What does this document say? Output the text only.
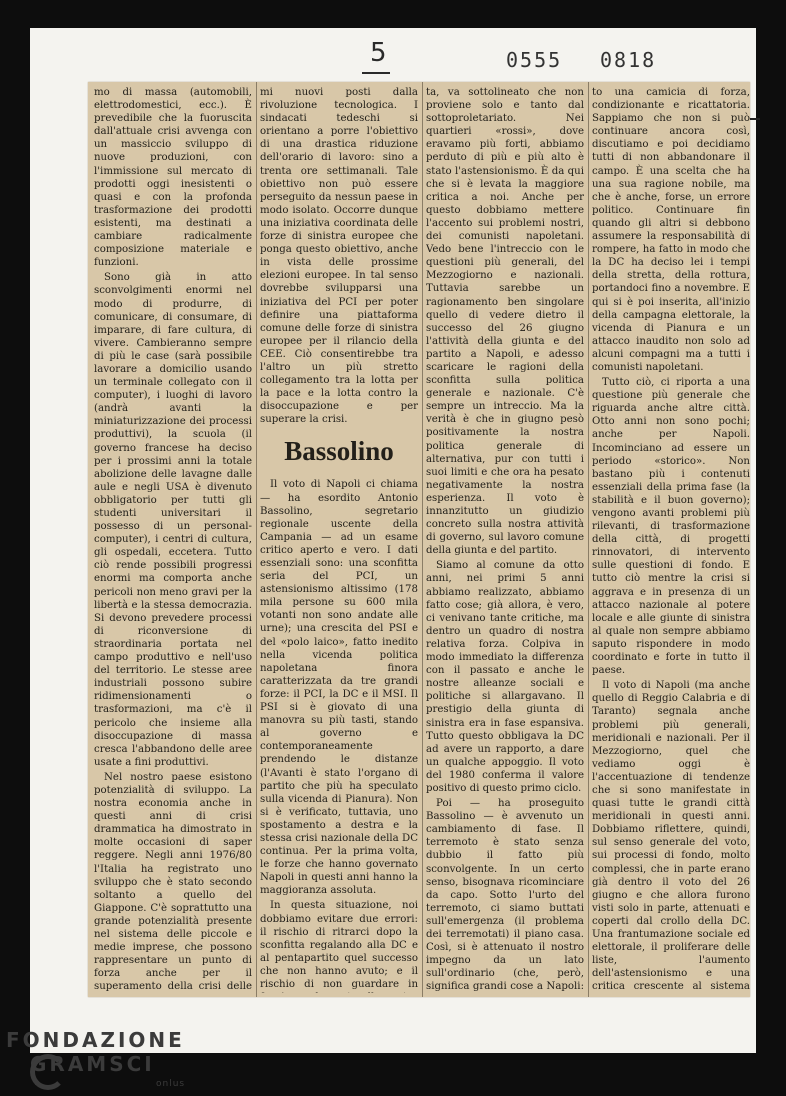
5	0555 0818

mo di massa (automobili, elettrodomestici, ecc.). È prevedibile che la fuoruscita dall'attuale crisi avvenga con un massiccio sviluppo di nuove produzioni, con l'immissione sul mercato di prodotti oggi inesistenti o quasi e con la profonda trasformazione dei prodotti esistenti, ma destinati a cambiare radicalmente composizione materiale e funzioni.

Sono già in atto sconvolgimenti enormi nel modo di produrre, di comunicare, di consumare, di imparare, di fare cultura, di vivere. Cambieranno sempre di più le case (sarà possibile lavorare a domicilio usando un terminale collegato con il computer), i luoghi di lavoro (andrà avanti la miniaturizzazione dei processi produttivi), la scuola (il governo francese ha deciso per i prossimi anni la totale abolizione delle lavagne dalle aule e negli USA è divenuto obbligatorio per tutti gli studenti universitari il possesso di un personal-computer), i centri di cultura, gli ospedali, eccetera. Tutto ciò rende possibili progressi enormi ma comporta anche pericoli non meno gravi per la libertà e la stessa democrazia. Si devono prevedere processi di riconversione di straordinaria portata nel campo produttivo e nell'uso del territorio. Le stesse aree industriali possono subire ridimensionamenti o trasformazioni, ma c'è il pericolo che insieme alla disoccupazione di massa cresca l'abbandono delle aree usate a fini produttivi.

Nel nostro paese esistono potenzialità di sviluppo. La nostra economia anche in questi anni di crisi drammatica ha dimostrato in molte occasioni di saper reggere. Negli anni 1976/80 l'Italia ha registrato uno sviluppo che è stato secondo soltanto a quello del Giappone. C'è soprattutto una grande potenzialità presente nel sistema delle piccole e medie imprese, che possono rappresentare un punto di forza anche per il superamento della crisi delle

mi nuovi posti dalla rivoluzione tecnologica. I sindacati tedeschi si orientano a porre l'obiettivo di una drastica riduzione dell'orario di lavoro: sino a trenta ore settimanali. Tale obiettivo non può essere perseguito da nessun paese in modo isolato. Occorre dunque una iniziativa coordinata delle forze di sinistra europee che ponga questo obiettivo, anche in vista delle prossime elezioni europee. In tal senso dovrebbe svilupparsi una iniziativa del PCI per poter definire una piattaforma comune delle forze di sinistra europee per il rilancio della CEE. Ciò consentirebbe tra l'altro un più stretto collegamento tra la lotta per la pace e la lotta contro la disoccupazione e per superare la crisi.

Bassolino

Il voto di Napoli ci chiama — ha esordito Antonio Bassolino, segretario regionale uscente della Campania — ad un esame critico aperto e vero. I dati essenziali sono: una sconfitta seria del PCI, un astensionismo altissimo (178 mila persone su 600 mila votanti non sono andate alle urne); una crescita del PSI e del «polo laico», fatto inedito nella vicenda politica napoletana finora caratterizzata da tre grandi forze: il PCI, la DC e il MSI. Il PSI si è giovato di una manovra su più tasti, stando al governo e contemporaneamente prendendo le distanze (l'Avanti è stato l'organo di partito che più ha speculato sulla vicenda di Pianura). Non si è verificato, tuttavia, uno spostamento a destra e la stessa crisi nazionale della DC continua. Per la prima volta, le forze che hanno governato Napoli in questi anni hanno la maggioranza assoluta.

In questa situazione, noi dobbiamo evitare due errori: il rischio di ritrarci dopo la sconfitta regalando alla DC e al pentapartito quel successo che non hanno avuto; e il rischio di non guardare in

ta, va sottolineato che non proviene solo e tanto dal sottoproletariato. Nei quartieri «rossi», dove eravamo più forti, abbiamo perduto di più e più alto è stato l'astensionismo. È da qui che si è levata la maggiore critica a noi. Anche per questo dobbiamo mettere l'accento sui problemi nostri, dei comunisti napoletani. Vedo bene l'intreccio con le questioni più generali, del Mezzogiorno e nazionali. Tuttavia sarebbe un ragionamento ben singolare quello di vedere dietro il successo del 26 giugno l'attività della giunta e del partito a Napoli, e adesso scaricare le ragioni della sconfitta sulla politica generale e nazionale. C'è sempre un intreccio. Ma la verità è che in giugno pesò positivamente la nostra politica generale di alternativa, pur con tutti i suoi limiti e che ora ha pesato negativamente la nostra esperienza. Il voto è innanzitutto un giudizio concreto sulla nostra attività di governo, sul lavoro comune della giunta e del partito.

Siamo al comune da otto anni, nei primi 5 anni abbiamo realizzato, abbiamo fatto cose; già allora, è vero, ci venivano tante critiche, ma dentro un quadro di nostra relativa forza. Colpiva in modo immediato la differenza con il passato e anche le nostre alleanze sociali e politiche si allargavano. Il prestigio della giunta di sinistra era in fase espansiva. Tutto questo obbligava la DC ad avere un rapporto, a dare un qualche appoggio. Il voto del 1980 conferma il valore positivo di questo primo ciclo.

Poi — ha proseguito Bassolino — è avvenuto un cambiamento di fase. Il terremoto è stato senza dubbio il fatto più sconvolgente. In un certo senso, bisognava ricominciare da capo. Sotto l'urto del terremoto, ci siamo buttati sull'emergenza (il problema dei terremotati) il piano casa. Così, si è attenuato il nostro impegno da un lato sull'ordinario (che, però, significa grandi cose a Napoli:

to una camicia di forza, condizionante e ricattatoria. Sappiamo che non si può continuare ancora così, discutiamo e poi decidiamo tutti di non abbandonare il campo. È una scelta che ha una sua ragione nobile, ma che è anche, forse, un errore politico. Continuare fin quando gli altri si debbono assumere la responsabilità di rompere, ha fatto in modo che la DC ha deciso lei i tempi della stretta, della rottura, portandoci fino a novembre. E qui si è poi inserita, all'inizio della campagna elettorale, la vicenda di Pianura e un attacco inaudito non solo ad alcuni compagni ma a tutti i comunisti napoletani.

Tutto ciò, ci riporta a una questione più generale che riguarda anche altre città. Otto anni non sono pochi; anche per Napoli. Incominciano ad essere un periodo «storico». Non bastano più i contenuti essenziali della prima fase (la stabilità e il buon governo); vengono avanti problemi più rilevanti, di trasformazione della città, di progetti rinnovatori, di intervento sulle questioni di fondo. E tutto ciò mentre la crisi si aggrava e in presenza di un attacco nazionale al potere locale e alle giunte di sinistra al quale non sempre abbiamo saputo rispondere in modo coordinato e forte in tutto il paese.

Il voto di Napoli (ma anche quello di Reggio Calabria e di Taranto) segnala anche problemi più generali, meridionali e nazionali. Per il Mezzogiorno, quel che vediamo oggi è l'accentuazione di tendenze che si sono manifestate in quasi tutte le grandi città meridionali in questi anni. Dobbiamo riflettere, quindi, sul senso generale del voto, sui processi di fondo, molto complessi, che in parte erano già dentro il voto del 26 giugno e che allora furono visti solo in parte, attenuati e coperti dal crollo della DC. Una frantumazione sociale ed elettorale, il proliferare delle liste, l'aumento dell'astensionismo e una critica crescente al sistema

FONDAZIONE
GRAMSCI
onlus
